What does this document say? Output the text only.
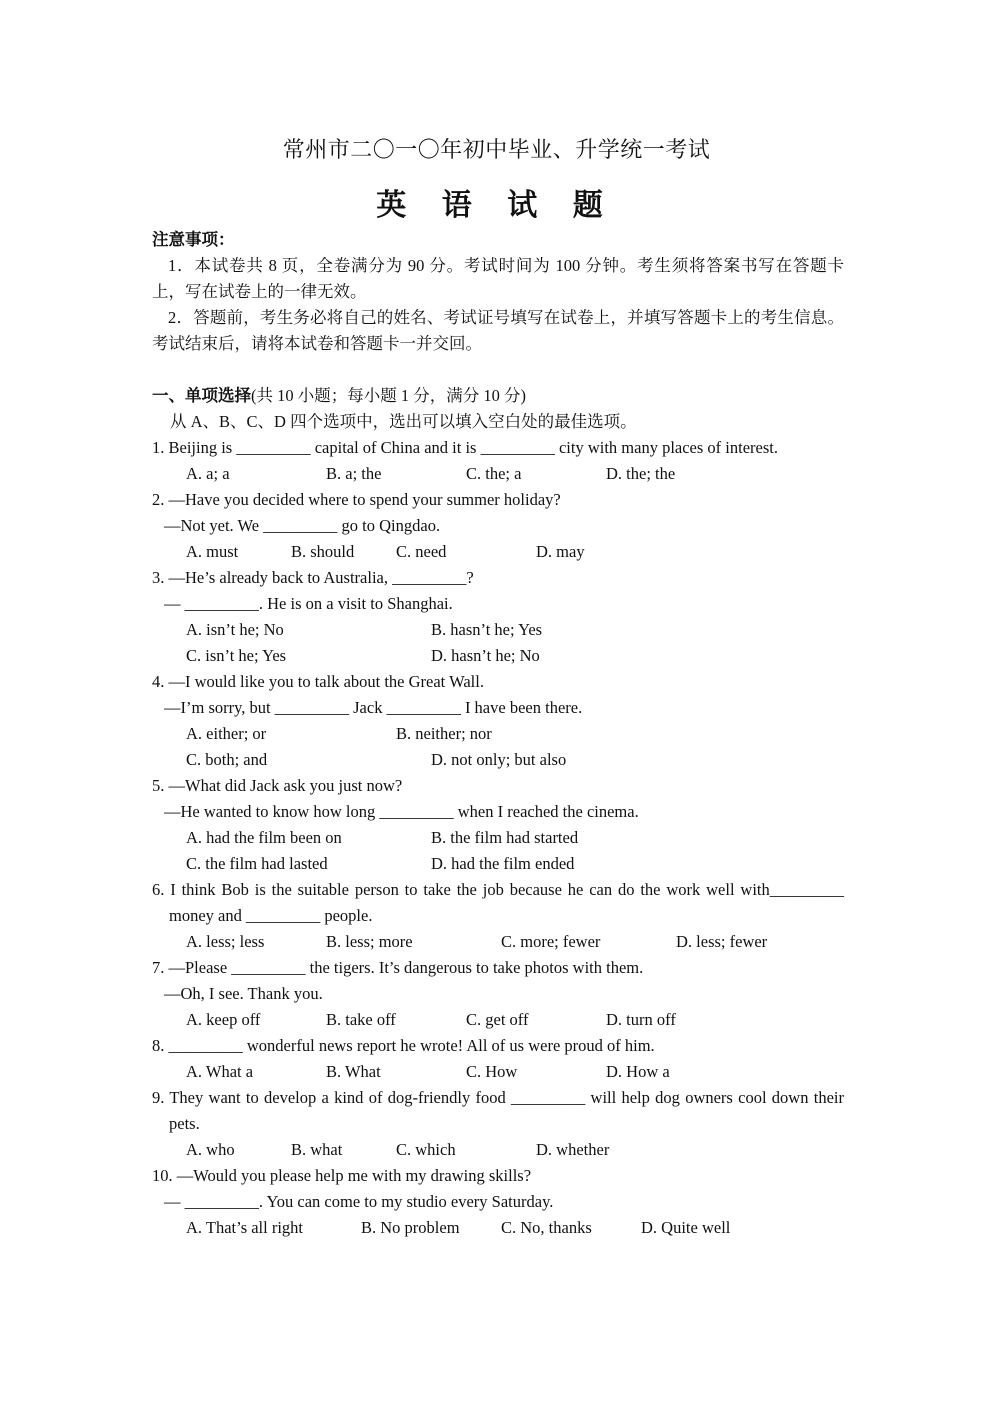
常州市二〇一〇年初中毕业、升学统一考试
英 语 试 题
注意事项：
1．本试卷共 8 页，全卷满分为 90 分。考试时间为 100 分钟。考生须将答案书写在答题卡上，写在试卷上的一律无效。
2．答题前，考生务必将自己的姓名、考试证号填写在试卷上，并填写答题卡上的考生信息。考试结束后，请将本试卷和答题卡一并交回。
一、单项选择(共 10 小题；每小题 1 分，满分 10 分)
从 A、B、C、D 四个选项中，选出可以填入空白处的最佳选项。
1. Beijing is _________ capital of China and it is _________ city with many places of interest.
A. a; a	B. a; the	C. the; a	D. the; the
2. —Have you decided where to spend your summer holiday?
—Not yet. We _________ go to Qingdao.
A. must	B. should	C. need	D. may
3. —He’s already back to Australia, _________?
— _________. He is on a visit to Shanghai.
A. isn’t he; No	B. hasn’t he; Yes
C. isn’t he; Yes	D. hasn’t he; No
4. —I would like you to talk about the Great Wall.
—I’m sorry, but _________ Jack _________ I have been there.
A. either; or	B. neither; nor
C. both; and	D. not only; but also
5. —What did Jack ask you just now?
—He wanted to know how long _________ when I reached the cinema.
A. had the film been on	B. the film had started
C. the film had lasted	D. had the film ended
6. I think Bob is the suitable person to take the job because he can do the work well with_________ money and _________ people.
A. less; less	B. less; more	C. more; fewer	D. less; fewer
7. —Please _________ the tigers. It’s dangerous to take photos with them.
—Oh, I see. Thank you.
A. keep off	B. take off	C. get off	D. turn off
8. _________ wonderful news report he wrote! All of us were proud of him.
A. What a	B. What	C. How	D. How a
9. They want to develop a kind of dog-friendly food _________ will help dog owners cool down their pets.
A. who	B. what	C. which	D. whether
10. —Would you please help me with my drawing skills?
— _________. You can come to my studio every Saturday.
A. That’s all right	B. No problem	C. No, thanks	D. Quite well
